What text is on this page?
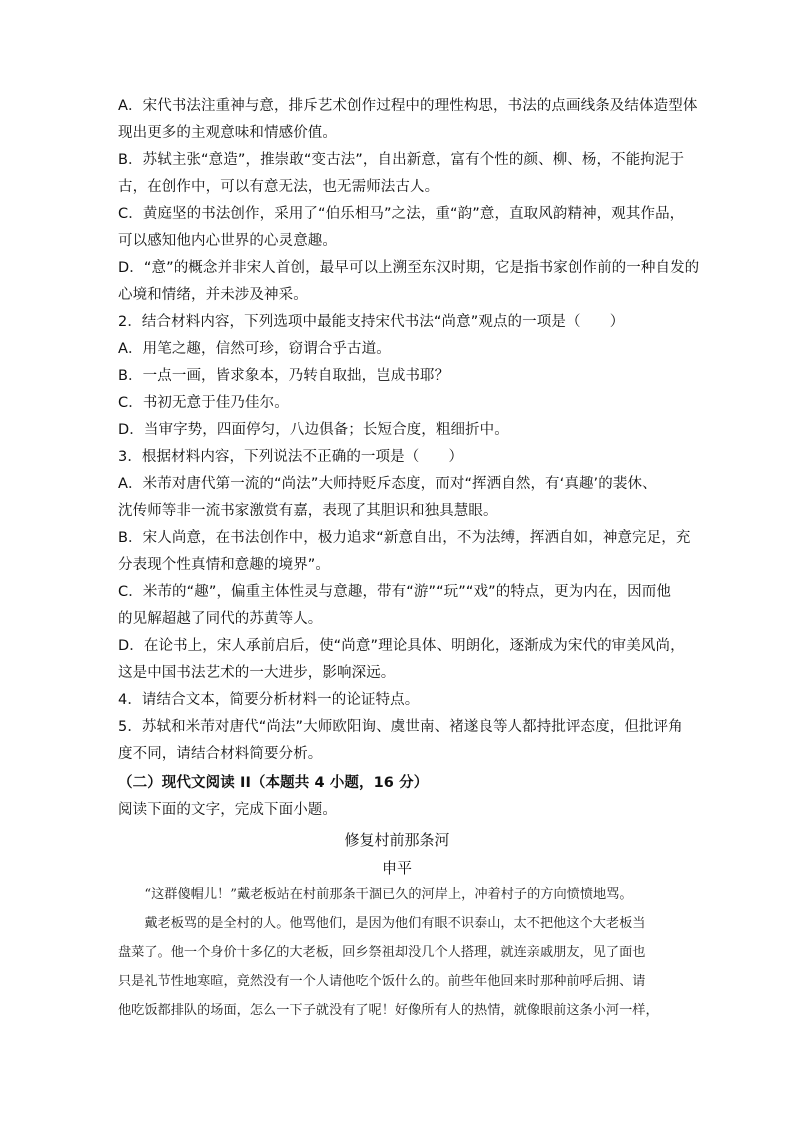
A．宋代书法注重神与意，排斥艺术创作过程中的理性构思，书法的点画线条及结体造型体
现出更多的主观意味和情感价值。
B．苏轼主张“意造”，推崇敢“变古法”，自出新意，富有个性的颜、柳、杨，不能拘泥于
古，在创作中，可以有意无法，也无需师法古人。
C．黄庭坚的书法创作，采用了“伯乐相马”之法，重“韵”意，直取风韵精神，观其作品，
可以感知他内心世界的心灵意趣。
D．“意”的概念并非宋人首创，最早可以上溯至东汉时期，它是指书家创作前的一种自发的
心境和情绪，并未涉及神采。
2．结合材料内容，下列选项中最能支持宋代书法“尚意”观点的一项是（　　）
A．用笔之趣，信然可珍，窃谓合乎古道。
B．一点一画，皆求象本，乃转自取拙，岂成书耶？
C．书初无意于佳乃佳尔。
D．当审字势，四面停匀，八边俱备；长短合度，粗细折中。
3．根据材料内容，下列说法不正确的一项是（　　）
A．米芾对唐代第一流的“尚法”大师持贬斥态度，而对“挥洒自然，有‘真趣’的裴休、
沈传师等非一流书家激赏有嘉，表现了其胆识和独具慧眼。
B．宋人尚意，在书法创作中，极力追求“新意自出，不为法缚，挥洒自如，神意完足，充
分表现个性真情和意趣的境界”。
C．米芾的“趣”，偏重主体性灵与意趣，带有“游”“玩”“戏”的特点，更为内在，因而他
的见解超越了同代的苏黄等人。
D．在论书上，宋人承前启后，使“尚意”理论具体、明朗化，逐渐成为宋代的审美风尚，
这是中国书法艺术的一大进步，影响深远。
4．请结合文本，简要分析材料一的论证特点。
5．苏轼和米芾对唐代“尚法”大师欧阳询、虞世南、褚遂良等人都持批评态度，但批评角
度不同，请结合材料简要分析。
（二）现代文阅读 II（本题共 4 小题，16 分）
阅读下面的文字，完成下面小题。
修复村前那条河
申平
　　“这群傻帽儿！”戴老板站在村前那条干涸已久的河岸上，冲着村子的方向愤愤地骂。
　　戴老板骂的是全村的人。他骂他们，是因为他们有眼不识泰山，太不把他这个大老板当
盘菜了。他一个身价十多亿的大老板，回乡祭祖却没几个人搭理，就连亲戚朋友，见了面也
只是礼节性地寒暄，竟然没有一个人请他吃个饭什么的。前些年他回来时那种前呼后拥、请
他吃饭都排队的场面，怎么一下子就没有了呢！好像所有人的热情，就像眼前这条小河一样，
